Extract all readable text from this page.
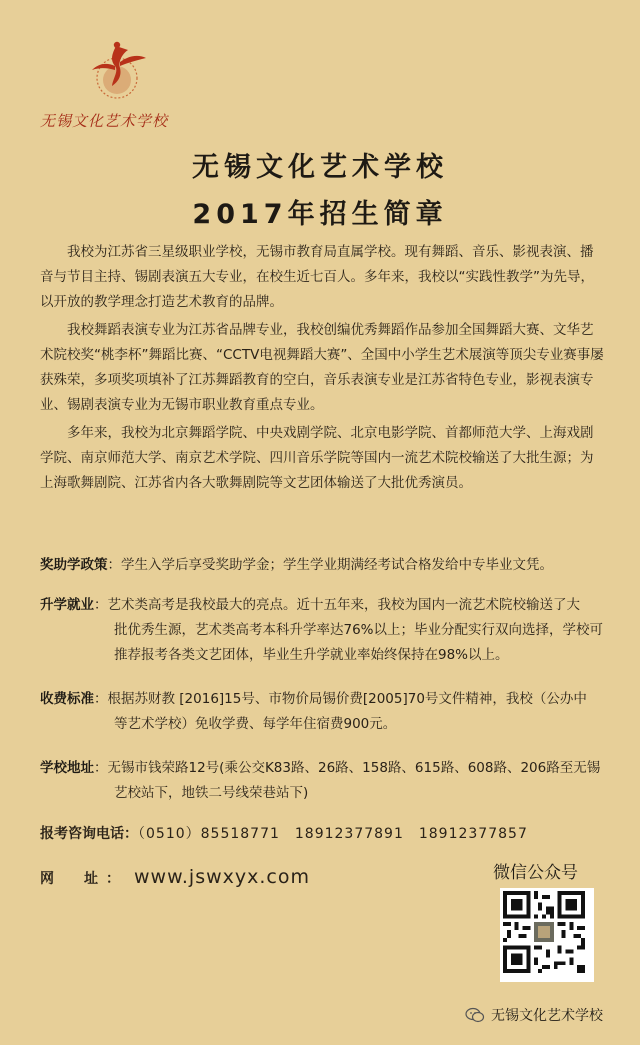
无锡文化艺术学校
无锡文化艺术学校
2017年招生简章

我校为江苏省三星级职业学校，无锡市教育局直属学校。现有舞蹈、音乐、影视表演、播音与节目主持、锡剧表演五大专业，在校生近七百人。多年来，我校以“实践性教学”为先导，以开放的教学理念打造艺术教育的品牌。

我校舞蹈表演专业为江苏省品牌专业，我校创编优秀舞蹈作品参加全国舞蹈大赛、文华艺术院校奖“桃李杯”舞蹈比赛、“CCTV电视舞蹈大赛”、全国中小学生艺术展演等顶尖专业赛事屡获殊荣，多项奖项填补了江苏舞蹈教育的空白，音乐表演专业是江苏省特色专业，影视表演专业、锡剧表演专业为无锡市职业教育重点专业。

多年来，我校为北京舞蹈学院、中央戏剧学院、北京电影学院、首都师范大学、上海戏剧学院、南京师范大学、南京艺术学院、四川音乐学院等国内一流艺术院校输送了大批生源；为上海歌舞剧院、江苏省内各大歌舞剧院等文艺团体输送了大批优秀演员。

奖助学政策：学生入学后享受奖助学金；学生学业期满经考试合格发给中专毕业文凭。
升学就业：艺术类高考是我校最大的亮点。近十五年来，我校为国内一流艺术院校输送了大
批优秀生源，艺术类高考本科升学率达76%以上；毕业分配实行双向选择，学校可推荐报考各类文艺团体，毕业生升学就业率始终保持在98%以上。
收费标准：根据苏财教 [2016]15号、市物价局锡价费[2005]70号文件精神，我校（公办中
等艺术学校）免收学费、每学年住宿费900元。
学校地址：无锡市钱荣路12号(乘公交K83路、26路、158路、615路、608路、206路至无锡
艺校站下，地铁二号线荣巷站下)
报考咨询电话：（0510）85518771　18912377891　18912377857
网　址： www.jswxyx.com	微信公众号
无锡文化艺术学校
